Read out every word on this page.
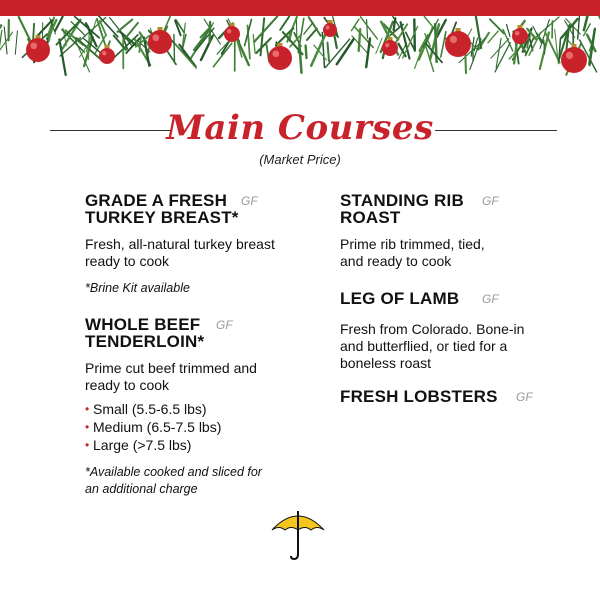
Main Courses
(Market Price)
GRADE A FRESH
TURKEY BREAST*
GF
Fresh, all-natural turkey breast
ready to cook
*Brine Kit available
WHOLE BEEF
TENDERLOIN*
GF
Prime cut beef trimmed and
ready to cook
• Small (5.5-6.5 lbs)
• Medium (6.5-7.5 lbs)
• Large (>7.5 lbs)
*Available cooked and sliced for
an additional charge
STANDING RIB
ROAST
GF
Prime rib trimmed, tied,
and ready to cook
LEG OF LAMB GF
Fresh from Colorado. Bone-in
and butterflied, or tied for a
boneless roast
FRESH LOBSTERS GF
